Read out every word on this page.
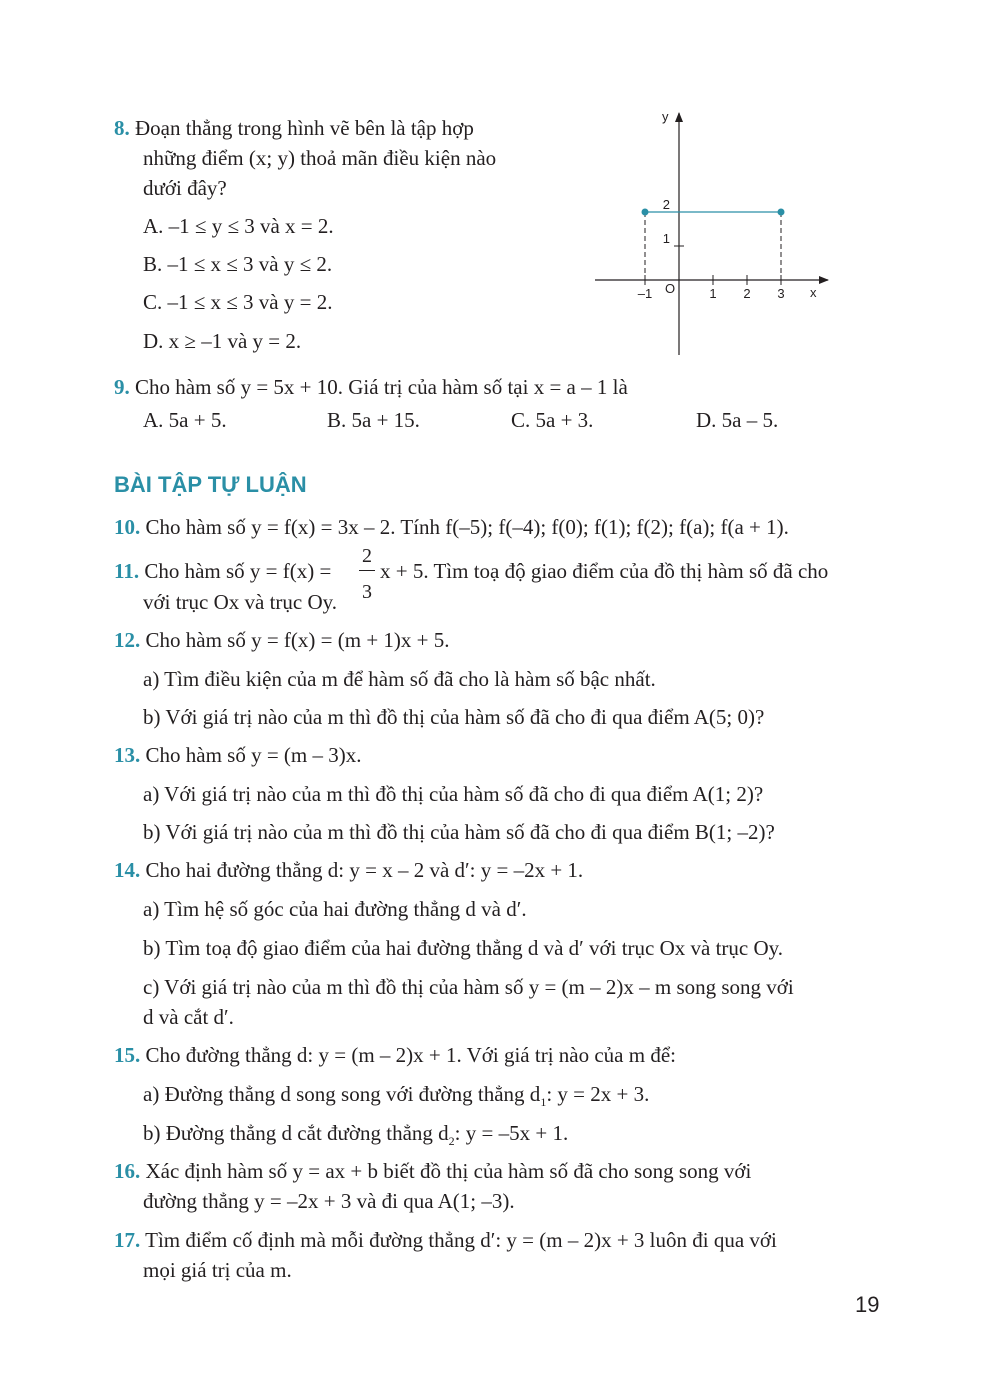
8. Đoạn thẳng trong hình vẽ bên là tập hợp
những điểm (x; y) thoả mãn điều kiện nào
dưới đây?
A. –1 ≤ y ≤ 3 và x = 2.
B. –1 ≤ x ≤ 3 và y ≤ 2.
C. –1 ≤ x ≤ 3 và y = 2.
D. x ≥ –1 và y = 2.
y
x
O
–1	1 2 3
1
2
9. Cho hàm số y = 5x + 10. Giá trị của hàm số tại x = a – 1 là
A. 5a + 5.	B. 5a + 15.	C. 5a + 3.	D. 5a – 5.
BÀI TẬP TỰ LUẬN
10. Cho hàm số y = f(x) = 3x – 2. Tính f(–5); f(–4); f(0); f(1); f(2); f(a); f(a + 1).
11. Cho hàm số y = f(x) =
2
3
x + 5. Tìm toạ độ giao điểm của đồ thị hàm số đã cho
với trục Ox và trục Oy.
12. Cho hàm số y = f(x) = (m + 1)x + 5.
a) Tìm điều kiện của m để hàm số đã cho là hàm số bậc nhất.
b) Với giá trị nào của m thì đồ thị của hàm số đã cho đi qua điểm A(5; 0)?
13. Cho hàm số y = (m – 3)x.
a) Với giá trị nào của m thì đồ thị của hàm số đã cho đi qua điểm A(1; 2)?
b) Với giá trị nào của m thì đồ thị của hàm số đã cho đi qua điểm B(1; –2)?
14. Cho hai đường thẳng d: y = x – 2 và d′: y = –2x + 1.
a) Tìm hệ số góc của hai đường thẳng d và d′.
b) Tìm toạ độ giao điểm của hai đường thẳng d và d′ với trục Ox và trục Oy.
c) Với giá trị nào của m thì đồ thị của hàm số y = (m – 2)x – m song song với
d và cắt d′.
15. Cho đường thẳng d: y = (m – 2)x + 1. Với giá trị nào của m để:
a) Đường thẳng d song song với đường thẳng $d_1$: y = 2x + 3.
b) Đường thẳng d cắt đường thẳng $d_2$: y = –5x + 1.
16. Xác định hàm số y = ax + b biết đồ thị của hàm số đã cho song song với
đường thẳng y = –2x + 3 và đi qua A(1; –3).
17. Tìm điểm cố định mà mỗi đường thẳng d′: y = (m – 2)x + 3 luôn đi qua với
mọi giá trị của m.
19
